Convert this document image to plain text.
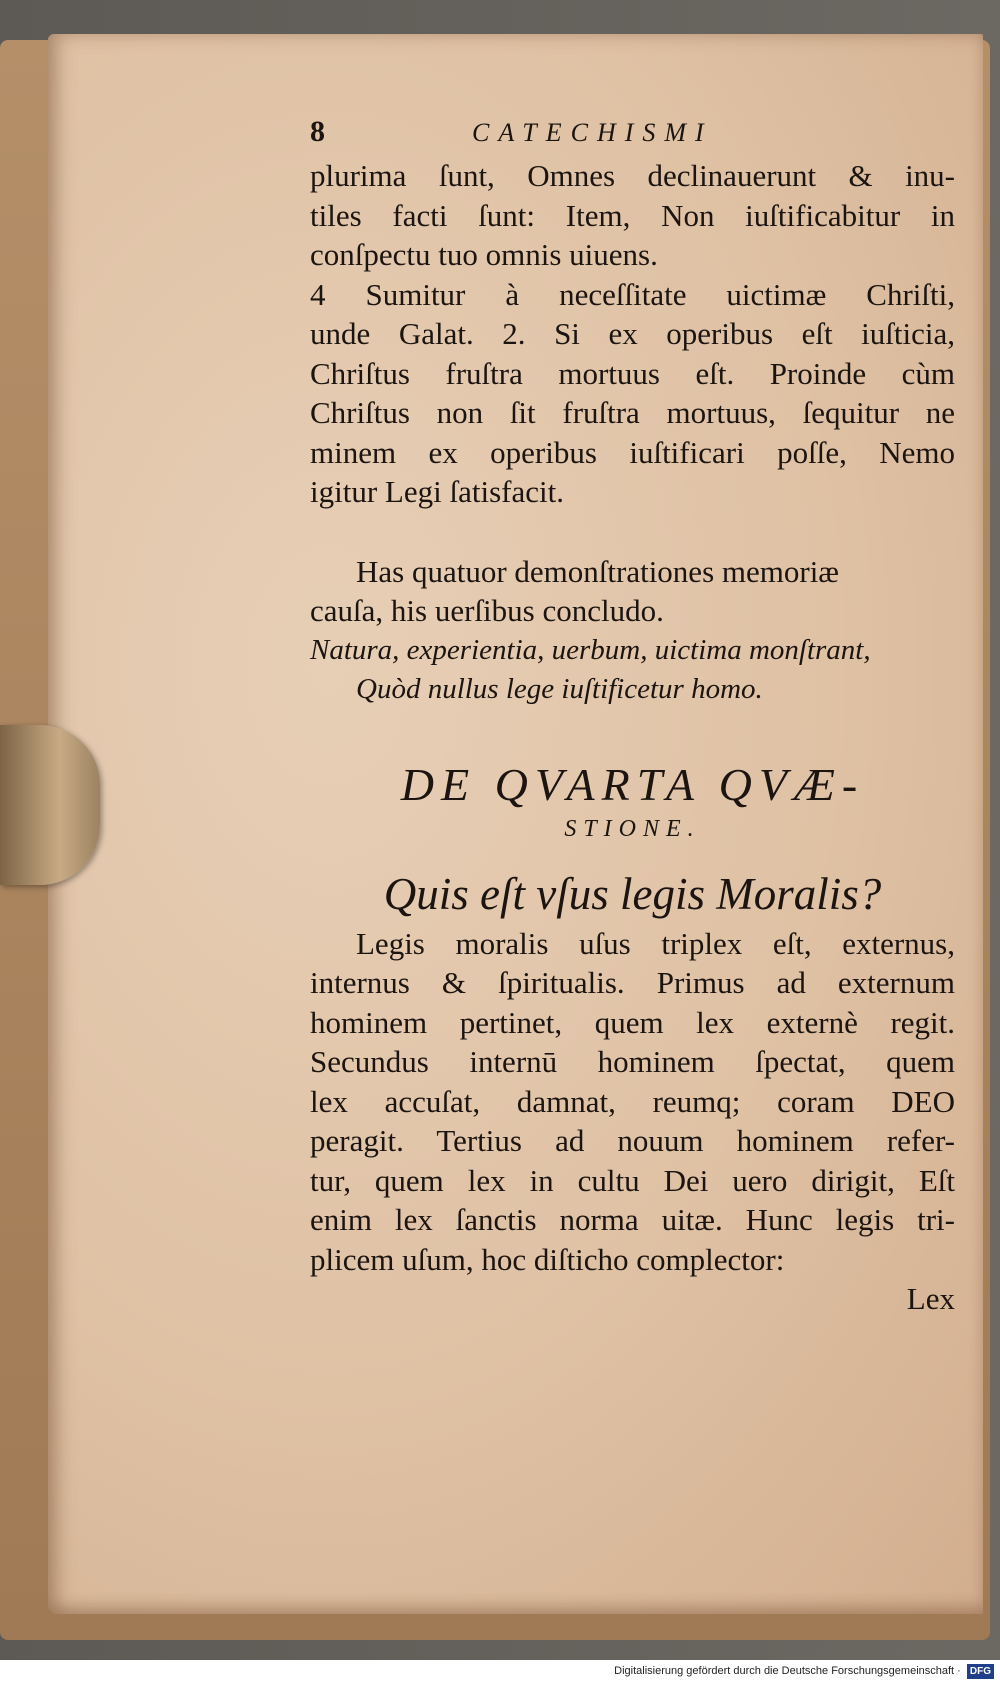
8	CATECHISMI
plurima ſunt, Omnes declinauerunt & inu-
tiles facti ſunt: Item, Non iuſtificabitur in
conſpectu tuo omnis uiuens.
4 Sumitur à neceſſitate uictimæ Chriſti,
unde Galat. 2. Si ex operibus eſt iuſticia,
Chriſtus fruſtra mortuus eſt. Proinde cùm
Chriſtus non ſit fruſtra mortuus, ſequitur ne
minem ex operibus iuſtificari poſſe, Nemo
igitur Legi ſatisfacit.
Has quatuor demonſtrationes memoriæ
cauſa, his uerſibus concludo.
Natura, experientia, uerbum, uictima monſtrant,
Quòd nullus lege iuſtificetur homo.
DE QVARTA QVÆ-
STIONE.
Quis eſt vſus legis Moralis?
Legis moralis uſus triplex eſt, externus,
internus & ſpiritualis. Primus ad externum
hominem pertinet, quem lex externè regit.
Secundus internū hominem ſpectat, quem
lex accuſat, damnat, reumq; coram DEO
peragit. Tertius ad nouum hominem refer-
tur, quem lex in cultu Dei uero dirigit, Eſt
enim lex ſanctis norma uitæ. Hunc legis tri-
plicem uſum, hoc diſticho complector:
Lex
Digitalisierung gefördert durch die Deutsche Forschungsgemeinschaft · DFG
